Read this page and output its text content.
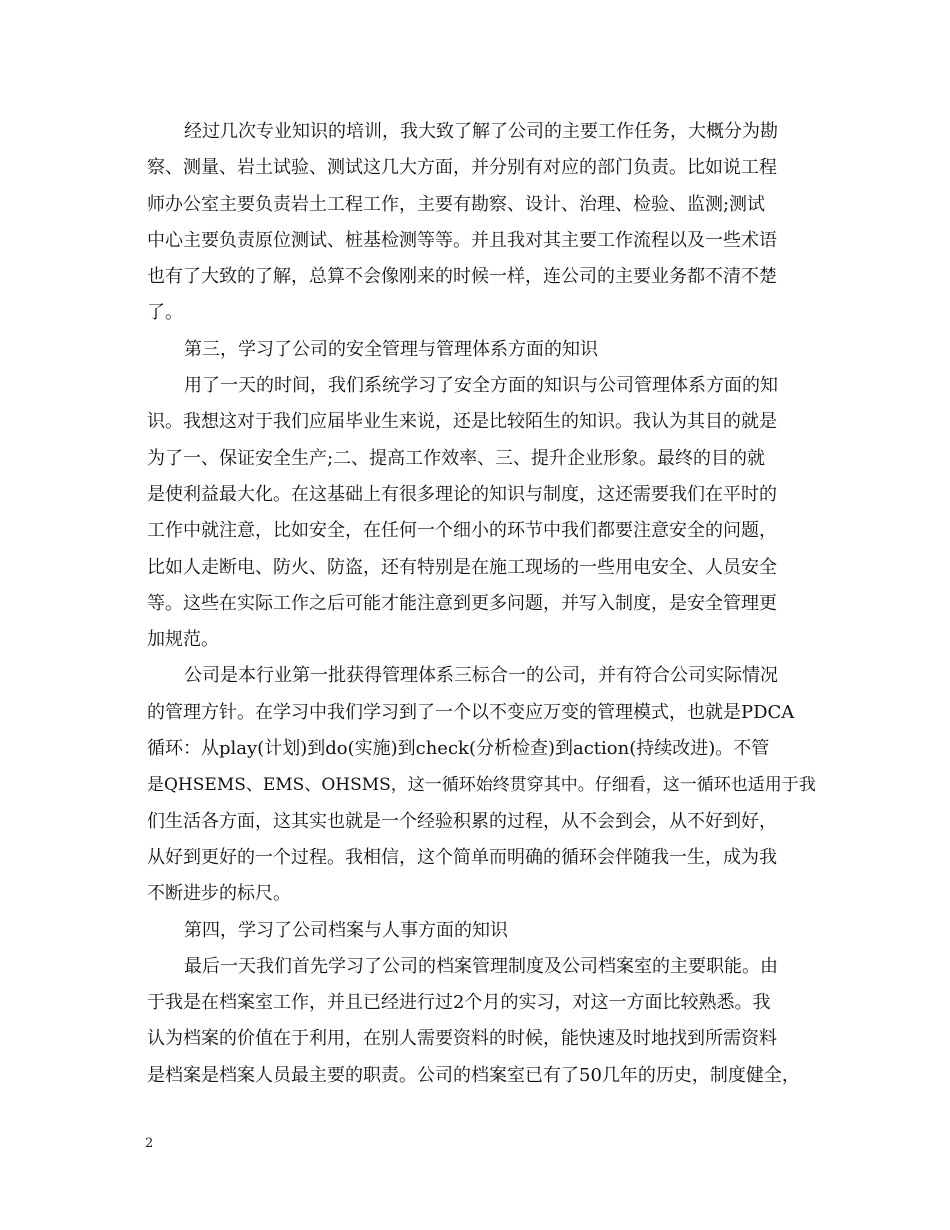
经过几次专业知识的培训，我大致了解了公司的主要工作任务，大概分为勘
察、测量、岩土试验、测试这几大方面，并分别有对应的部门负责。比如说工程
师办公室主要负责岩土工程工作，主要有勘察、设计、治理、检验、监测;测试
中心主要负责原位测试、桩基检测等等。并且我对其主要工作流程以及一些术语
也有了大致的了解，总算不会像刚来的时候一样，连公司的主要业务都不清不楚
了。
第三，学习了公司的安全管理与管理体系方面的知识
用了一天的时间，我们系统学习了安全方面的知识与公司管理体系方面的知
识。我想这对于我们应届毕业生来说，还是比较陌生的知识。我认为其目的就是
为了一、保证安全生产;二、提高工作效率、三、提升企业形象。最终的目的就
是使利益最大化。在这基础上有很多理论的知识与制度，这还需要我们在平时的
工作中就注意，比如安全，在任何一个细小的环节中我们都要注意安全的问题，
比如人走断电、防火、防盗，还有特别是在施工现场的一些用电安全、人员安全
等。这些在实际工作之后可能才能注意到更多问题，并写入制度，是安全管理更
加规范。
公司是本行业第一批获得管理体系三标合一的公司，并有符合公司实际情况
的管理方针。在学习中我们学习到了一个以不变应万变的管理模式，也就是PDCA
循环：从play(计划)到do(实施)到check(分析检查)到action(持续改进)。不管
是QHSEMS、EMS、OHSMS，这一循环始终贯穿其中。仔细看，这一循环也适用于我
们生活各方面，这其实也就是一个经验积累的过程，从不会到会，从不好到好，
从好到更好的一个过程。我相信，这个简单而明确的循环会伴随我一生，成为我
不断进步的标尺。
第四，学习了公司档案与人事方面的知识
最后一天我们首先学习了公司的档案管理制度及公司档案室的主要职能。由
于我是在档案室工作，并且已经进行过2个月的实习，对这一方面比较熟悉。我
认为档案的价值在于利用，在别人需要资料的时候，能快速及时地找到所需资料
是档案是档案人员最主要的职责。公司的档案室已有了50几年的历史，制度健全，
2
